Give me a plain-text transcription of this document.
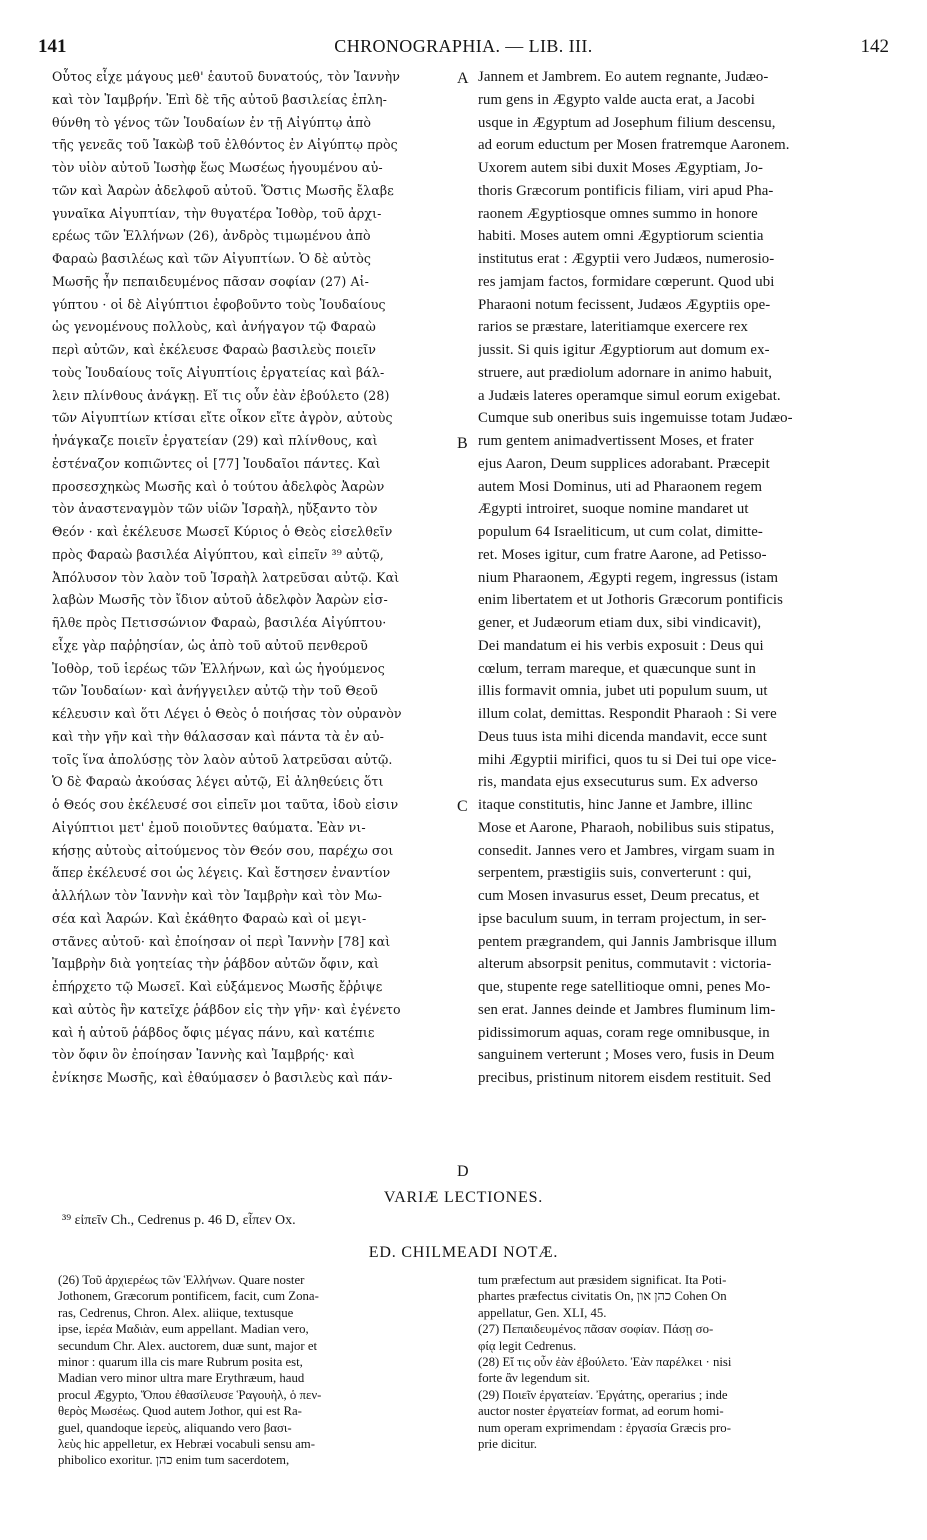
CHRONOGRAPHIA. — LIB. III.
141	142
Οὗτος εἶχε μάγους μεθ' ἑαυτοῦ δυνατούς, τὸν Ἰαννὴν
καὶ τὸν Ἰαμβρήν. Ἐπὶ δὲ τῆς αὐτοῦ βασιλείας ἐπλη-
θύνθη τὸ γένος τῶν Ἰουδαίων ἐν τῇ Αἰγύπτῳ ἀπὸ
τῆς γενεᾶς τοῦ Ἰακὼβ τοῦ ἐλθόντος ἐν Αἰγύπτῳ πρὸς
τὸν υἱὸν αὐτοῦ Ἰωσὴφ ἕως Μωσέως ἡγουμένου αὐ-
τῶν καὶ Ἀαρὼν ἀδελφοῦ αὐτοῦ. Ὅστις Μωσῆς ἔλαβε
γυναῖκα Αἰγυπτίαν, τὴν θυγατέρα Ἰοθὸρ, τοῦ ἀρχι-
ερέως τῶν Ἑλλήνων (26), ἀνδρὸς τιμωμένου ἀπὸ
Φαραὼ βασιλέως καὶ τῶν Αἰγυπτίων. Ὁ δὲ αὐτὸς
Μωσῆς ἦν πεπαιδευμένος πᾶσαν σοφίαν (27) Αἰ-
γύπτου · οἱ δὲ Αἰγύπτιοι ἐφοβοῦντο τοὺς Ἰουδαίους
ὡς γενομένους πολλοὺς, καὶ ἀνήγαγον τῷ Φαραὼ
περὶ αὐτῶν, καὶ ἐκέλευσε Φαραὼ βασιλεὺς ποιεῖν
τοὺς Ἰουδαίους τοῖς Αἰγυπτίοις ἐργατείας καὶ βάλ-
λειν πλίνθους ἀνάγκῃ. Εἴ τις οὖν ἐὰν ἐβούλετο (28)
τῶν Αἰγυπτίων κτίσαι εἴτε οἶκον εἴτε ἀγρὸν, αὐτοὺς
ἠνάγκαζε ποιεῖν ἐργατείαν (29) καὶ πλίνθους, καὶ
ἐστέναζον κοπιῶντες οἱ [77] Ἰουδαῖοι πάντες. Καὶ
προσεσχηκὼς Μωσῆς καὶ ὁ τούτου ἀδελφὸς Ἀαρὼν
τὸν ἀναστεναγμὸν τῶν υἱῶν Ἰσραὴλ, ηὔξαντο τὸν
Θεόν · καὶ ἐκέλευσε Μωσεῖ Κύριος ὁ Θεὸς εἰσελθεῖν
πρὸς Φαραὼ βασιλέα Αἰγύπτου, καὶ εἰπεῖν ³⁹ αὐτῷ,
Ἀπόλυσον τὸν λαὸν τοῦ Ἰσραὴλ λατρεῦσαι αὐτῷ. Καὶ
λαβὼν Μωσῆς τὸν ἴδιον αὐτοῦ ἀδελφὸν Ἀαρὼν εἰσ-
ῆλθε πρὸς Πετισσώνιον Φαραὼ, βασιλέα Αἰγύπτου·
εἶχε γὰρ παῤῥησίαν, ὡς ἀπὸ τοῦ αὐτοῦ πενθεροῦ
Ἰοθὸρ, τοῦ ἱερέως τῶν Ἑλλήνων, καὶ ὡς ἡγούμενος
τῶν Ἰουδαίων· καὶ ἀνήγγειλεν αὐτῷ τὴν τοῦ Θεοῦ
κέλευσιν καὶ ὅτι Λέγει ὁ Θεὸς ὁ ποιήσας τὸν οὐρανὸν
καὶ τὴν γῆν καὶ τὴν θάλασσαν καὶ πάντα τὰ ἐν αὐ-
τοῖς ἵνα ἀπολύσῃς τὸν λαὸν αὐτοῦ λατρεῦσαι αὐτῷ.
Ὁ δὲ Φαραὼ ἀκούσας λέγει αὐτῷ, Εἰ ἀληθεύεις ὅτι
ὁ Θεός σου ἐκέλευσέ σοι εἰπεῖν μοι ταῦτα, ἰδοὺ εἰσιν
Αἰγύπτιοι μετ' ἐμοῦ ποιοῦντες θαύματα. Ἐὰν νι-
κήσῃς αὐτοὺς αἰτούμενος τὸν Θεόν σου, παρέχω σοι
ἅπερ ἐκέλευσέ σοι ὡς λέγεις. Καὶ ἔστησεν ἐναντίον
ἀλλήλων τὸν Ἰαννὴν καὶ τὸν Ἰαμβρὴν καὶ τὸν Μω-
σέα καὶ Ἀαρών. Καὶ ἐκάθητο Φαραὼ καὶ οἱ μεγι-
στᾶνες αὐτοῦ· καὶ ἐποίησαν οἱ περὶ Ἰαννὴν [78] καὶ
Ἰαμβρὴν διὰ γοητείας τὴν ῥάβδον αὐτῶν ὄφιν, καὶ
ἐπήρχετο τῷ Μωσεῖ. Καὶ εὐξάμενος Μωσῆς ἔῤῥιψε
καὶ αὐτὸς ἣν κατεῖχε ῥάβδον εἰς τὴν γῆν· καὶ ἐγένετο
καὶ ἡ αὐτοῦ ῥάβδος ὄφις μέγας πάνυ, καὶ κατέπιε
τὸν ὄφιν ὃν ἐποίησαν Ἰαννὴς καὶ Ἰαμβρής· καὶ
ἐνίκησε Μωσῆς, καὶ ἐθαύμασεν ὁ βασιλεὺς καὶ πάν-
Jannem et Jambrem. Eo autem regnante, Judæo-
rum gens in Ægypto valde aucta erat, a Jacobi
usque in Ægyptum ad Josephum filium descensu,
ad eorum eductum per Mosen fratremque Aaronem.
Uxorem autem sibi duxit Moses Ægyptiam, Jo-
thoris Græcorum pontificis filiam, viri apud Pha-
raonem Ægyptiosque omnes summo in honore
habiti. Moses autem omni Ægyptiorum scientia
institutus erat : Ægyptii vero Judæos, numerosio-
res jamjam factos, formidare cœperunt. Quod ubi
Pharaoni notum fecissent, Judæos Ægyptiis ope-
rarios se præstare, lateritiamque exercere rex
jussit. Si quis igitur Ægyptiorum aut domum ex-
struere, aut prædiolum adornare in animo habuit,
a Judæis lateres operamque simul eorum exigebat.
Cumque sub oneribus suis ingemuisse totam Judæo-
rum gentem animadvertissent Moses, et frater
ejus Aaron, Deum supplices adorabant. Præcepit
autem Mosi Dominus, uti ad Pharaonem regem
Ægypti introiret, suoque nomine mandaret ut
populum 64 Israeliticum, ut cum colat, dimitte-
ret. Moses igitur, cum fratre Aarone, ad Petisso-
nium Pharaonem, Ægypti regem, ingressus (istam
enim libertatem et ut Jothoris Græcorum pontificis
gener, et Judæorum etiam dux, sibi vindicavit),
Dei mandatum ei his verbis exposuit : Deus qui
cœlum, terram mareque, et quæcunque sunt in
illis formavit omnia, jubet uti populum suum, ut
illum colat, demittas. Respondit Pharaoh : Si vere
Deus tuus ista mihi dicenda mandavit, ecce sunt
mihi Ægyptii mirifici, quos tu si Dei tui ope vice-
ris, mandata ejus exsecuturus sum. Ex adverso
itaque constitutis, hinc Janne et Jambre, illinc
Mose et Aarone, Pharaoh, nobilibus suis stipatus,
consedit. Jannes vero et Jambres, virgam suam in
serpentem, præstigiis suis, converterunt : qui,
cum Mosen invasurus esset, Deum precatus, et
ipse baculum suum, in terram projectum, in ser-
pentem prægrandem, qui Jannis Jambrisque illum
alterum absorpsit penitus, commutavit : victoria-
que, stupente rege satellitioque omni, penes Mo-
sen erat. Jannes deinde et Jambres fluminum lim-
pidissimorum aquas, coram rege omnibusque, in
sanguinem verterunt ; Moses vero, fusis in Deum
precibus, pristinum nitorem eisdem restituit. Sed
A
B
C
D
VARIÆ LECTIONES.
³⁹ εἰπεῖν Ch., Cedrenus p. 46 D, εἶπεν Ox.
ED. CHILMEADI NOTÆ.
(26) Τοῦ ἀρχιερέως τῶν Ἑλλήνων. Quare noster
Jothonem, Græcorum pontificem, facit, cum Zona-
ras, Cedrenus, Chron. Alex. aliique, textusque
ipse, ἱερέα Μαδιὰν, eum appellant. Madian vero,
secundum Chr. Alex. auctorem, duæ sunt, major et
minor : quarum illa cis mare Rubrum posita est,
Madian vero minor ultra mare Erythræum, haud
procul Ægypto, Ὅπου ἐθασίλευσε Ῥαγουὴλ, ὁ πεν-
θερὸς Μωσέως. Quod autem Jothor, qui est Ra-
guel, quandoque ἱερεὺς, aliquando vero βασι-
λεὺς hic appelletur, ex Hebræi vocabuli sensu am-
phibolico exoritur. כהן enim tum sacerdotem,
tum præfectum aut præsidem significat. Ita Poti-
phartes præfectus civitatis On, כהן און Cohen On
appellatur, Gen. XLI, 45.
(27) Πεπαιδευμένος πᾶσαν σοφίαν. Πάσῃ σο-
φίᾳ legit Cedrenus.
(28) Εἴ τις οὖν ἐὰν ἐβούλετο. Ἐὰν παρέλκει · nisi
forte ἂν legendum sit.
(29) Ποιεῖν ἐργατείαν. Ἐργάτης, operarius ; inde
auctor noster ἐργατείαν format, ad eorum homi-
num operam exprimendam : ἐργασία Græcis pro-
prie dicitur.
